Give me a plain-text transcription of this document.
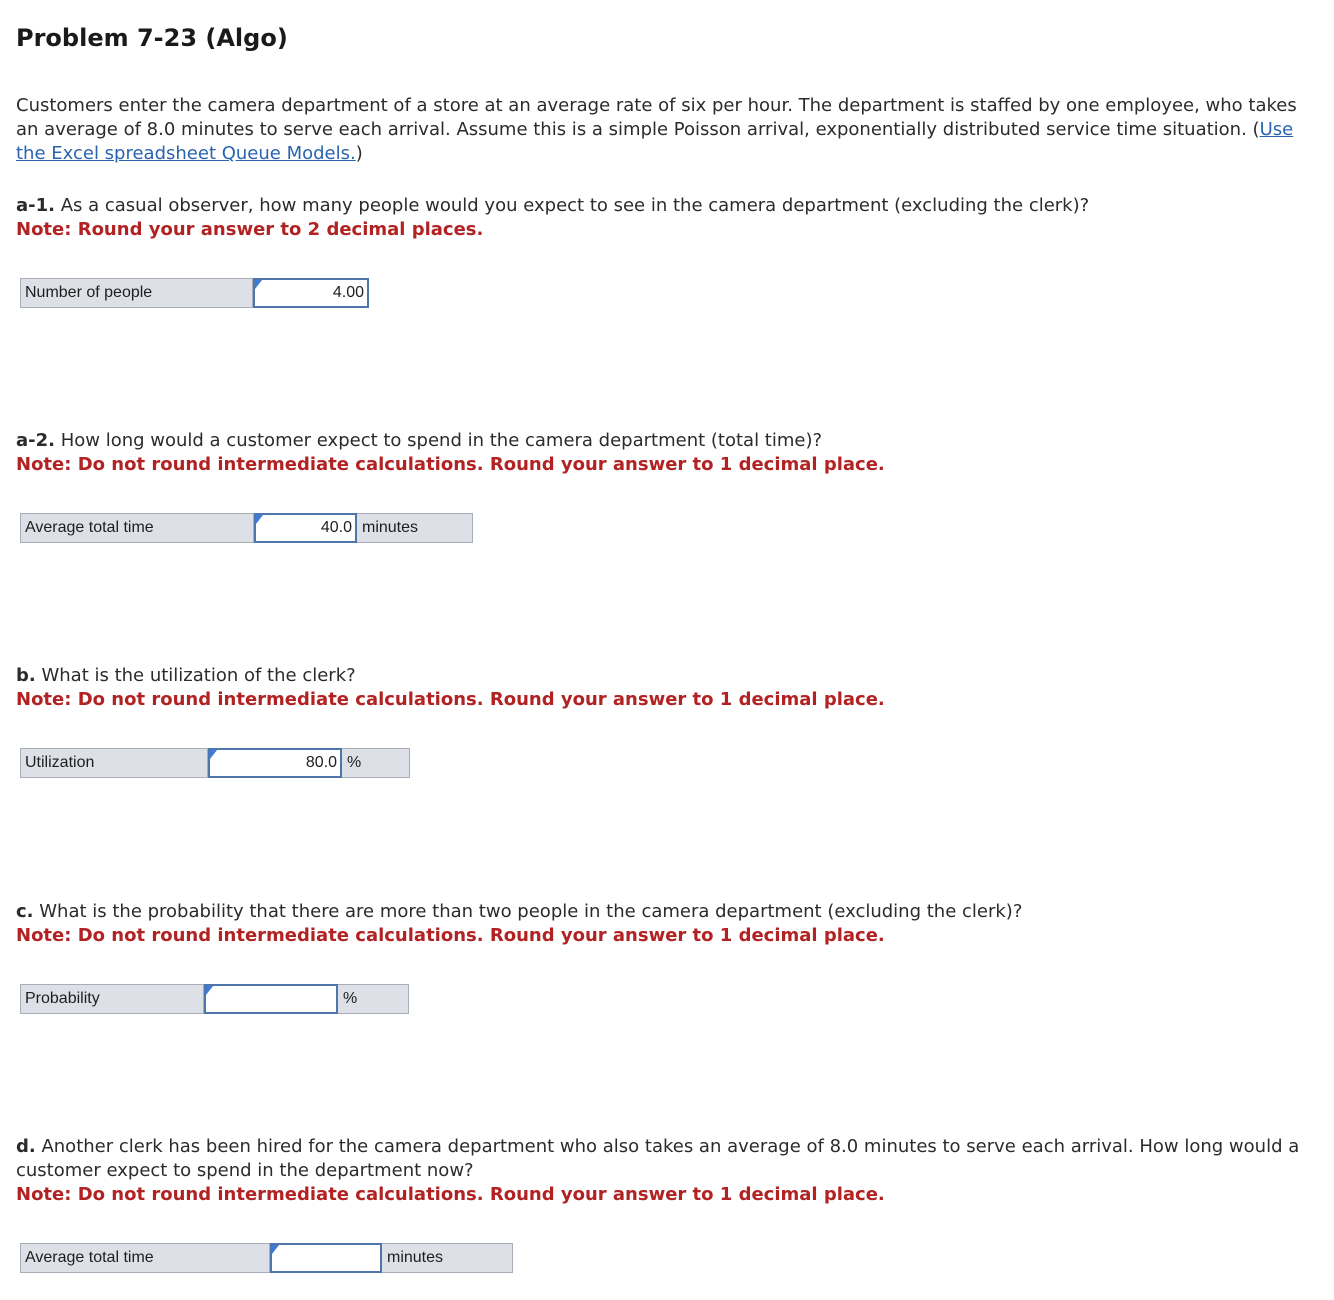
Problem 7-23 (Algo)

Customers enter the camera department of a store at an average rate of six per hour. The department is staffed by one employee, who takes an average of 8.0 minutes to serve each arrival. Assume this is a simple Poisson arrival, exponentially distributed service time situation. (Use the Excel spreadsheet Queue Models.)

a-1. As a casual observer, how many people would you expect to see in the camera department (excluding the clerk)?
Note: Round your answer to 2 decimal places.

Number of people	4.00

a-2. How long would a customer expect to spend in the camera department (total time)?
Note: Do not round intermediate calculations. Round your answer to 1 decimal place.

Average total time	40.0 minutes

b. What is the utilization of the clerk?
Note: Do not round intermediate calculations. Round your answer to 1 decimal place.

Utilization	80.0 %

c. What is the probability that there are more than two people in the camera department (excluding the clerk)?
Note: Do not round intermediate calculations. Round your answer to 1 decimal place.

Probability	%

d. Another clerk has been hired for the camera department who also takes an average of 8.0 minutes to serve each arrival. How long would a customer expect to spend in the department now?
Note: Do not round intermediate calculations. Round your answer to 1 decimal place.

Average total time	minutes
